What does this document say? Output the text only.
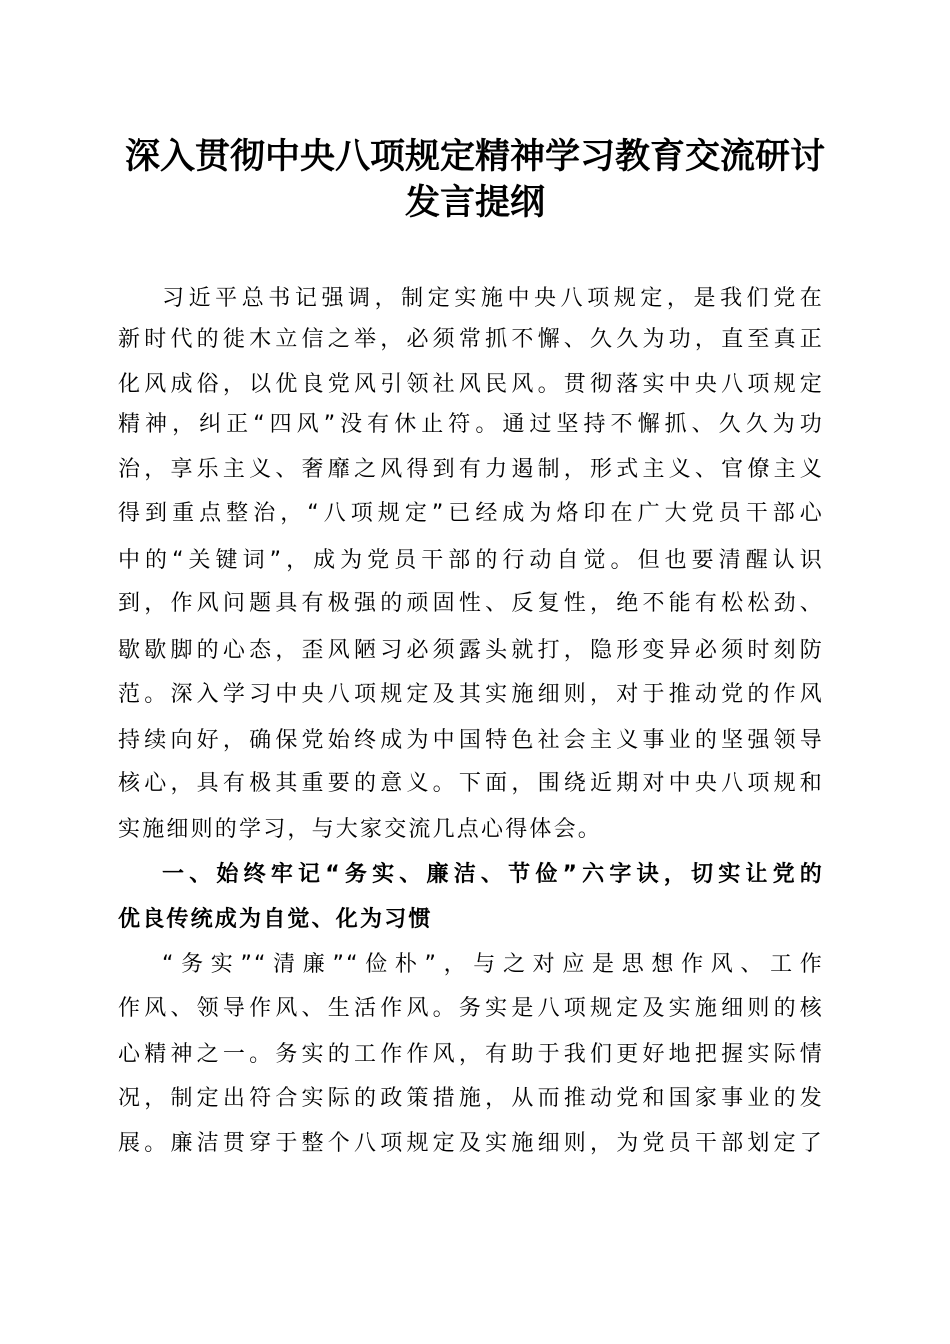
深入贯彻中央八项规定精神学习教育交流研讨
发言提纲
习近平总书记强调，制定实施中央八项规定，是我们党在
新时代的徙木立信之举，必须常抓不懈、久久为功，直至真正
化风成俗，以优良党风引领社风民风。贯彻落实中央八项规定
精神，纠正“四风”没有休止符。通过坚持不懈抓、久久为功
治，享乐主义、奢靡之风得到有力遏制，形式主义、官僚主义
得到重点整治，“八项规定”已经成为烙印在广大党员干部心
中的“关键词”，成为党员干部的行动自觉。但也要清醒认识
到，作风问题具有极强的顽固性、反复性，绝不能有松松劲、
歇歇脚的心态，歪风陋习必须露头就打，隐形变异必须时刻防
范。深入学习中央八项规定及其实施细则，对于推动党的作风
持续向好，确保党始终成为中国特色社会主义事业的坚强领导
核心，具有极其重要的意义。下面，围绕近期对中央八项规和
实施细则的学习，与大家交流几点心得体会。
一、始终牢记“务实、廉洁、节俭”六字诀，切实让党的
优良传统成为自觉、化为习惯
“务实”“清廉”“俭朴”，与之对应是思想作风、工作
作风、领导作风、生活作风。务实是八项规定及实施细则的核
心精神之一。务实的工作作风，有助于我们更好地把握实际情
况，制定出符合实际的政策措施，从而推动党和国家事业的发
展。廉洁贯穿于整个八项规定及实施细则，为党员干部划定了
